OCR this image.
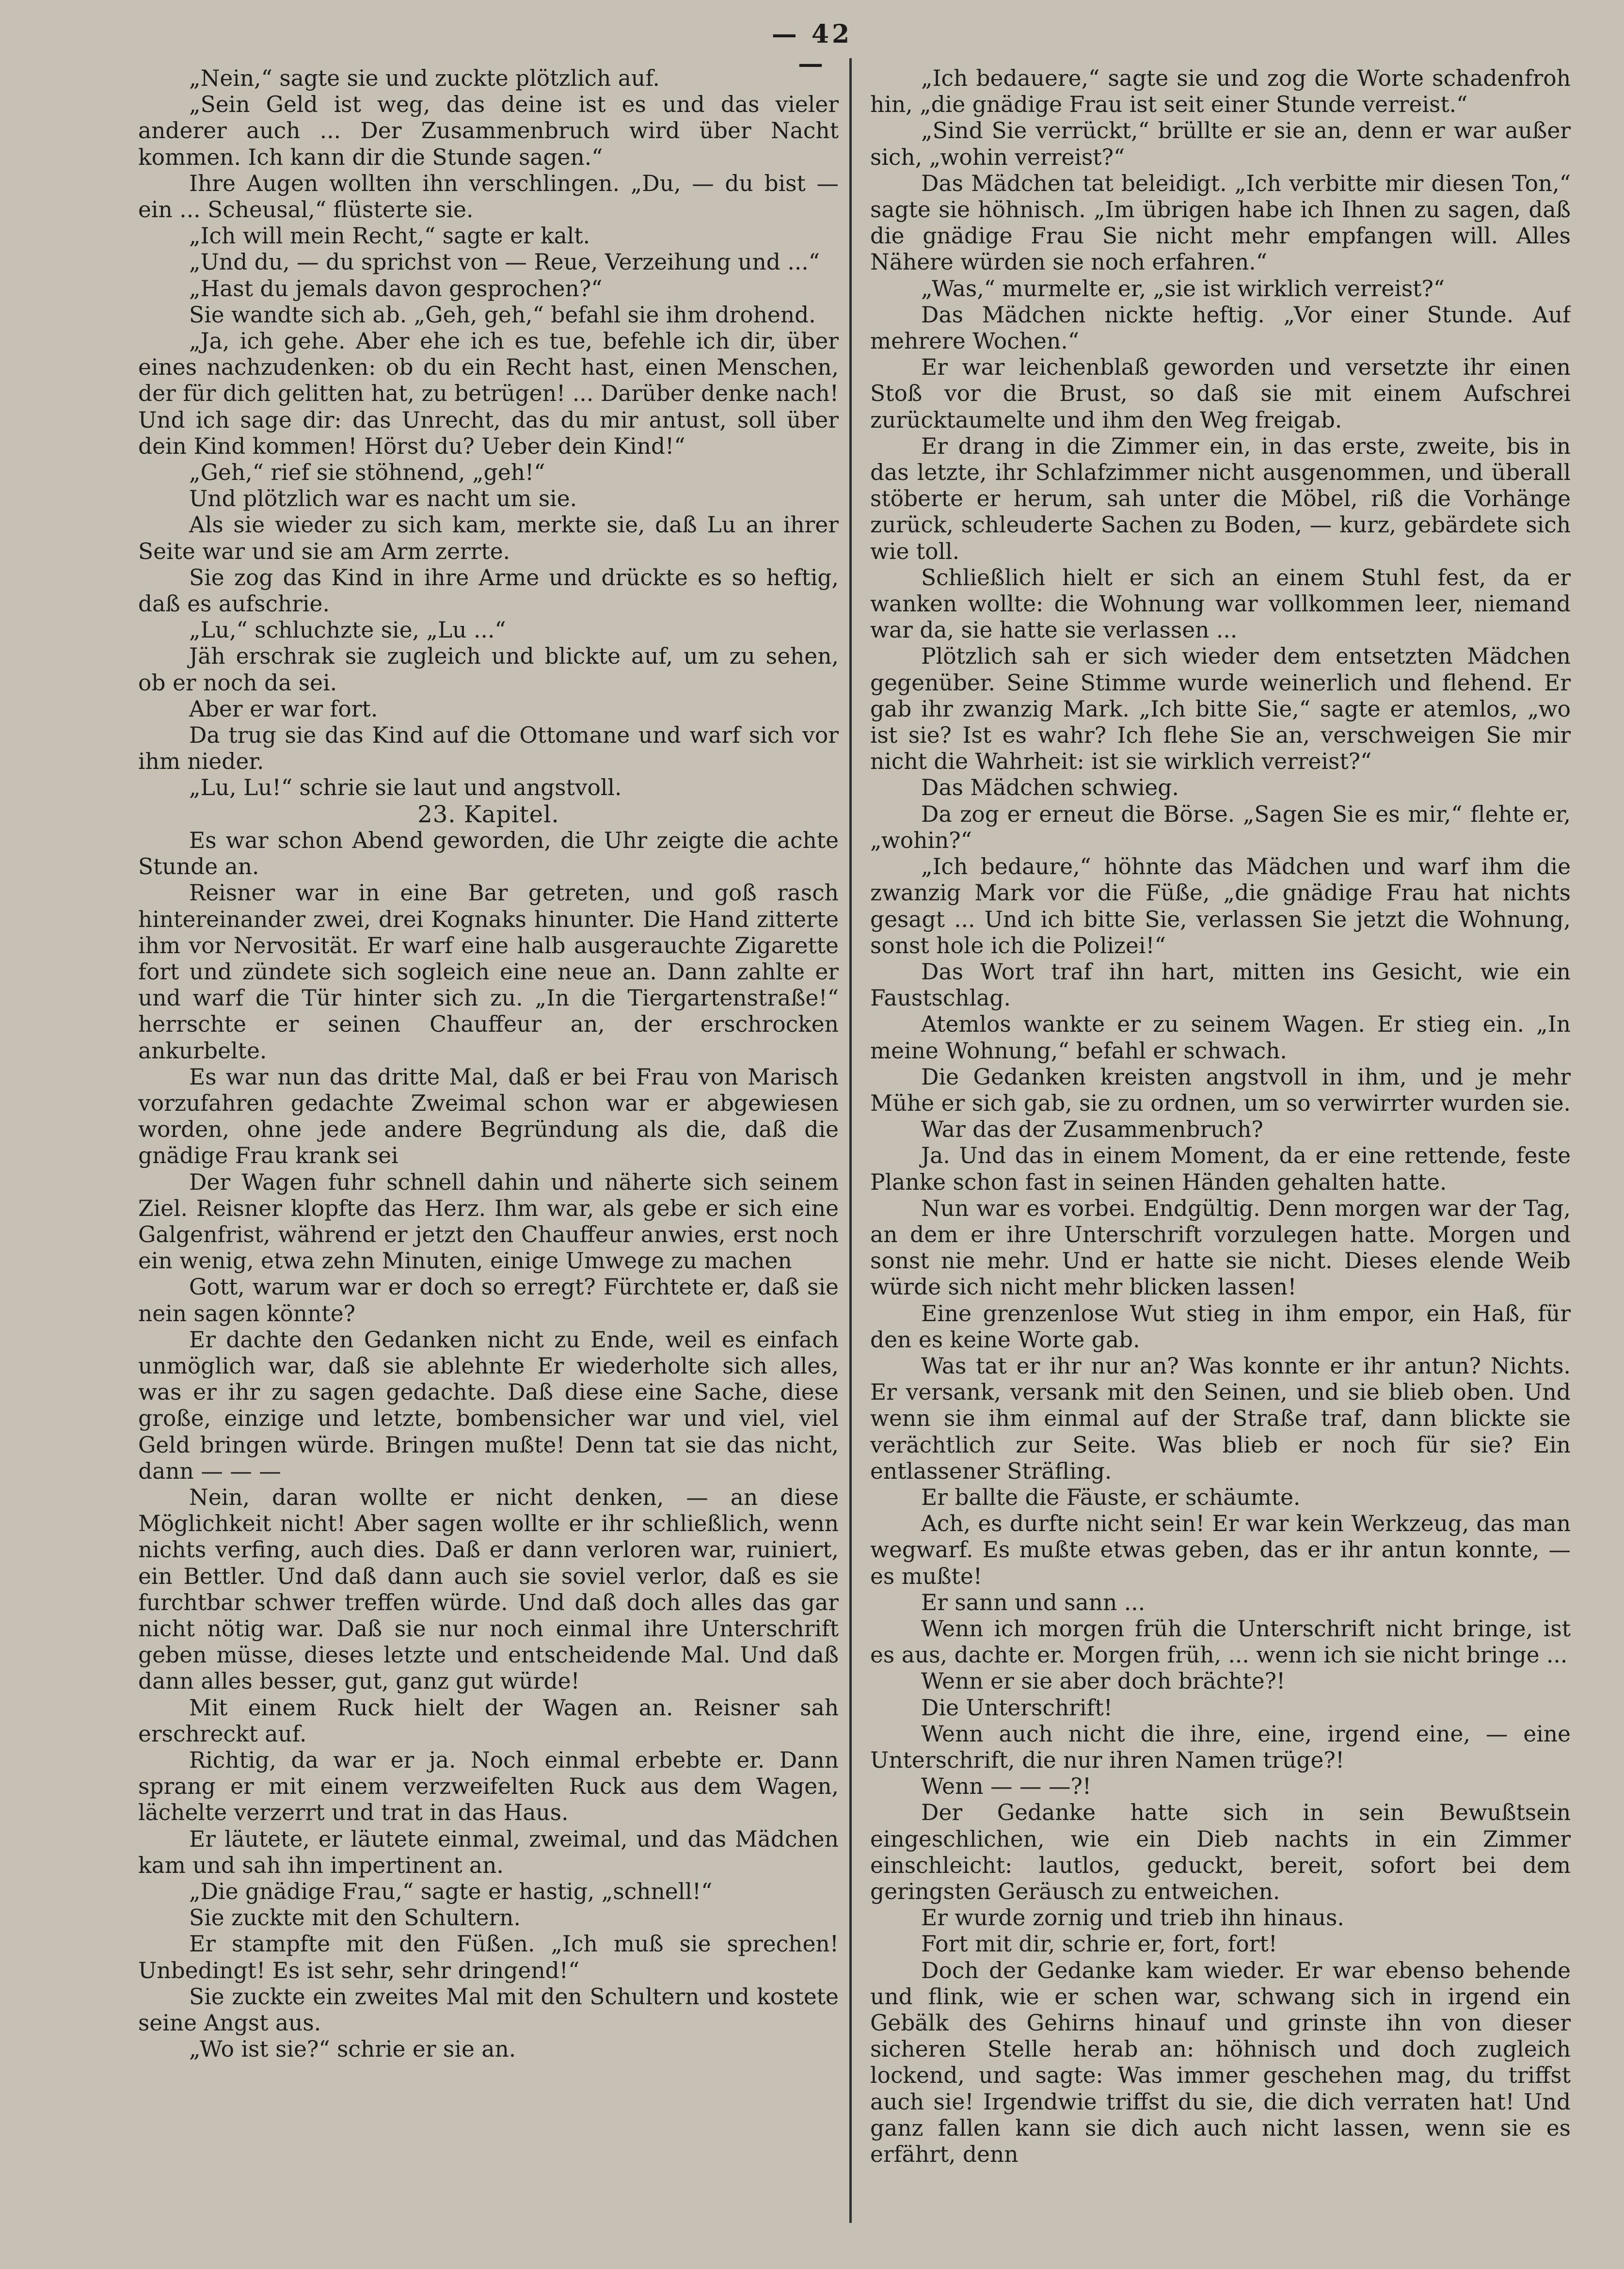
— 42 —

„Nein,“ sagte sie und zuckte plötzlich auf.

„Sein Geld ist weg, das deine ist es und das vieler anderer auch ... Der Zusammenbruch wird über Nacht kommen. Ich kann dir die Stunde sagen.“

Ihre Augen wollten ihn verschlingen. „Du, — du bist — ein ... Scheusal,“ flüsterte sie.

„Ich will mein Recht,“ sagte er kalt.

„Und du, — du sprichst von — Reue, Verzeihung und ...“

„Hast du jemals davon gesprochen?“

Sie wandte sich ab. „Geh, geh,“ befahl sie ihm drohend.

„Ja, ich gehe. Aber ehe ich es tue, befehle ich dir, über eines nachzudenken: ob du ein Recht hast, einen Menschen, der für dich gelitten hat, zu betrügen! ... Darüber denke nach! Und ich sage dir: das Unrecht, das du mir antust, soll über dein Kind kommen! Hörst du? Ueber dein Kind!“

„Geh,“ rief sie stöhnend, „geh!“

Und plötzlich war es nacht um sie.

Als sie wieder zu sich kam, merkte sie, daß Lu an ihrer Seite war und sie am Arm zerrte.

Sie zog das Kind in ihre Arme und drückte es so heftig, daß es aufschrie.

„Lu,“ schluchzte sie, „Lu ...“

Jäh erschrak sie zugleich und blickte auf, um zu sehen, ob er noch da sei.

Aber er war fort.

Da trug sie das Kind auf die Ottomane und warf sich vor ihm nieder.

„Lu, Lu!“ schrie sie laut und angstvoll.

23. Kapitel.

Es war schon Abend geworden, die Uhr zeigte die achte Stunde an.

Reisner war in eine Bar getreten, und goß rasch hintereinander zwei, drei Kognaks hinunter. Die Hand zitterte ihm vor Nervosität. Er warf eine halb ausgerauchte Zigarette fort und zündete sich sogleich eine neue an. Dann zahlte er und warf die Tür hinter sich zu. „In die Tiergartenstraße!“ herrschte er seinen Chauffeur an, der erschrocken ankurbelte.

Es war nun das dritte Mal, daß er bei Frau von Marisch vorzufahren gedachte Zweimal schon war er abgewiesen worden, ohne jede andere Begründung als die, daß die gnädige Frau krank sei

Der Wagen fuhr schnell dahin und näherte sich seinem Ziel. Reisner klopfte das Herz. Ihm war, als gebe er sich eine Galgenfrist, während er jetzt den Chauffeur anwies, erst noch ein wenig, etwa zehn Minuten, einige Umwege zu machen

Gott, warum war er doch so erregt? Fürchtete er, daß sie nein sagen könnte?

Er dachte den Gedanken nicht zu Ende, weil es einfach unmöglich war, daß sie ablehnte Er wiederholte sich alles, was er ihr zu sagen gedachte. Daß diese eine Sache, diese große, einzige und letzte, bombensicher war und viel, viel Geld bringen würde. Bringen mußte! Denn tat sie das nicht, dann — — —

Nein, daran wollte er nicht denken, — an diese Möglichkeit nicht! Aber sagen wollte er ihr schließlich, wenn nichts verfing, auch dies. Daß er dann verloren war, ruiniert, ein Bettler. Und daß dann auch sie soviel verlor, daß es sie furchtbar schwer treffen würde. Und daß doch alles das gar nicht nötig war. Daß sie nur noch einmal ihre Unterschrift geben müsse, dieses letzte und entscheidende Mal. Und daß dann alles besser, gut, ganz gut würde!

Mit einem Ruck hielt der Wagen an. Reisner sah erschreckt auf.

Richtig, da war er ja. Noch einmal erbebte er. Dann sprang er mit einem verzweifelten Ruck aus dem Wagen, lächelte verzerrt und trat in das Haus.

Er läutete, er läutete einmal, zweimal, und das Mädchen kam und sah ihn impertinent an.

„Die gnädige Frau,“ sagte er hastig, „schnell!“

Sie zuckte mit den Schultern.

Er stampfte mit den Füßen. „Ich muß sie sprechen! Unbedingt! Es ist sehr, sehr dringend!“

Sie zuckte ein zweites Mal mit den Schultern und kostete seine Angst aus.

„Wo ist sie?“ schrie er sie an.

„Ich bedauere,“ sagte sie und zog die Worte schadenfroh hin, „die gnädige Frau ist seit einer Stunde verreist.“

„Sind Sie verrückt,“ brüllte er sie an, denn er war außer sich, „wohin verreist?“

Das Mädchen tat beleidigt. „Ich verbitte mir diesen Ton,“ sagte sie höhnisch. „Im übrigen habe ich Ihnen zu sagen, daß die gnädige Frau Sie nicht mehr empfangen will. Alles Nähere würden sie noch erfahren.“

„Was,“ murmelte er, „sie ist wirklich verreist?“

Das Mädchen nickte heftig. „Vor einer Stunde. Auf mehrere Wochen.“

Er war leichenblaß geworden und versetzte ihr einen Stoß vor die Brust, so daß sie mit einem Aufschrei zurücktaumelte und ihm den Weg freigab.

Er drang in die Zimmer ein, in das erste, zweite, bis in das letzte, ihr Schlafzimmer nicht ausgenommen, und überall stöberte er herum, sah unter die Möbel, riß die Vorhänge zurück, schleuderte Sachen zu Boden, — kurz, gebärdete sich wie toll.

Schließlich hielt er sich an einem Stuhl fest, da er wanken wollte: die Wohnung war vollkommen leer, niemand war da, sie hatte sie verlassen ...

Plötzlich sah er sich wieder dem entsetzten Mädchen gegenüber. Seine Stimme wurde weinerlich und flehend. Er gab ihr zwanzig Mark. „Ich bitte Sie,“ sagte er atemlos, „wo ist sie? Ist es wahr? Ich flehe Sie an, verschweigen Sie mir nicht die Wahrheit: ist sie wirklich verreist?“

Das Mädchen schwieg.

Da zog er erneut die Börse. „Sagen Sie es mir,“ flehte er, „wohin?“

„Ich bedaure,“ höhnte das Mädchen und warf ihm die zwanzig Mark vor die Füße, „die gnädige Frau hat nichts gesagt ... Und ich bitte Sie, verlassen Sie jetzt die Wohnung, sonst hole ich die Polizei!“

Das Wort traf ihn hart, mitten ins Gesicht, wie ein Faustschlag.

Atemlos wankte er zu seinem Wagen. Er stieg ein. „In meine Wohnung,“ befahl er schwach.

Die Gedanken kreisten angstvoll in ihm, und je mehr Mühe er sich gab, sie zu ordnen, um so verwirrter wurden sie.

War das der Zusammenbruch?

Ja. Und das in einem Moment, da er eine rettende, feste Planke schon fast in seinen Händen gehalten hatte.

Nun war es vorbei. Endgültig. Denn morgen war der Tag, an dem er ihre Unterschrift vorzulegen hatte. Morgen und sonst nie mehr. Und er hatte sie nicht. Dieses elende Weib würde sich nicht mehr blicken lassen!

Eine grenzenlose Wut stieg in ihm empor, ein Haß, für den es keine Worte gab.

Was tat er ihr nur an? Was konnte er ihr antun? Nichts. Er versank, versank mit den Seinen, und sie blieb oben. Und wenn sie ihm einmal auf der Straße traf, dann blickte sie verächtlich zur Seite. Was blieb er noch für sie? Ein entlassener Sträfling.

Er ballte die Fäuste, er schäumte.

Ach, es durfte nicht sein! Er war kein Werkzeug, das man wegwarf. Es mußte etwas geben, das er ihr antun konnte, — es mußte!

Er sann und sann ...

Wenn ich morgen früh die Unterschrift nicht bringe, ist es aus, dachte er. Morgen früh, ... wenn ich sie nicht bringe ...

Wenn er sie aber doch brächte?!

Die Unterschrift!

Wenn auch nicht die ihre, eine, irgend eine, — eine Unterschrift, die nur ihren Namen trüge?!

Wenn — — —?!

Der Gedanke hatte sich in sein Bewußtsein eingeschlichen, wie ein Dieb nachts in ein Zimmer einschleicht: lautlos, geduckt, bereit, sofort bei dem geringsten Geräusch zu entweichen.

Er wurde zornig und trieb ihn hinaus.

Fort mit dir, schrie er, fort, fort!

Doch der Gedanke kam wieder. Er war ebenso behende und flink, wie er schen war, schwang sich in irgend ein Gebälk des Gehirns hinauf und grinste ihn von dieser sicheren Stelle herab an: höhnisch und doch zugleich lockend, und sagte: Was immer geschehen mag, du triffst auch sie! Irgendwie triffst du sie, die dich verraten hat! Und ganz fallen kann sie dich auch nicht lassen, wenn sie es erfährt, denn
